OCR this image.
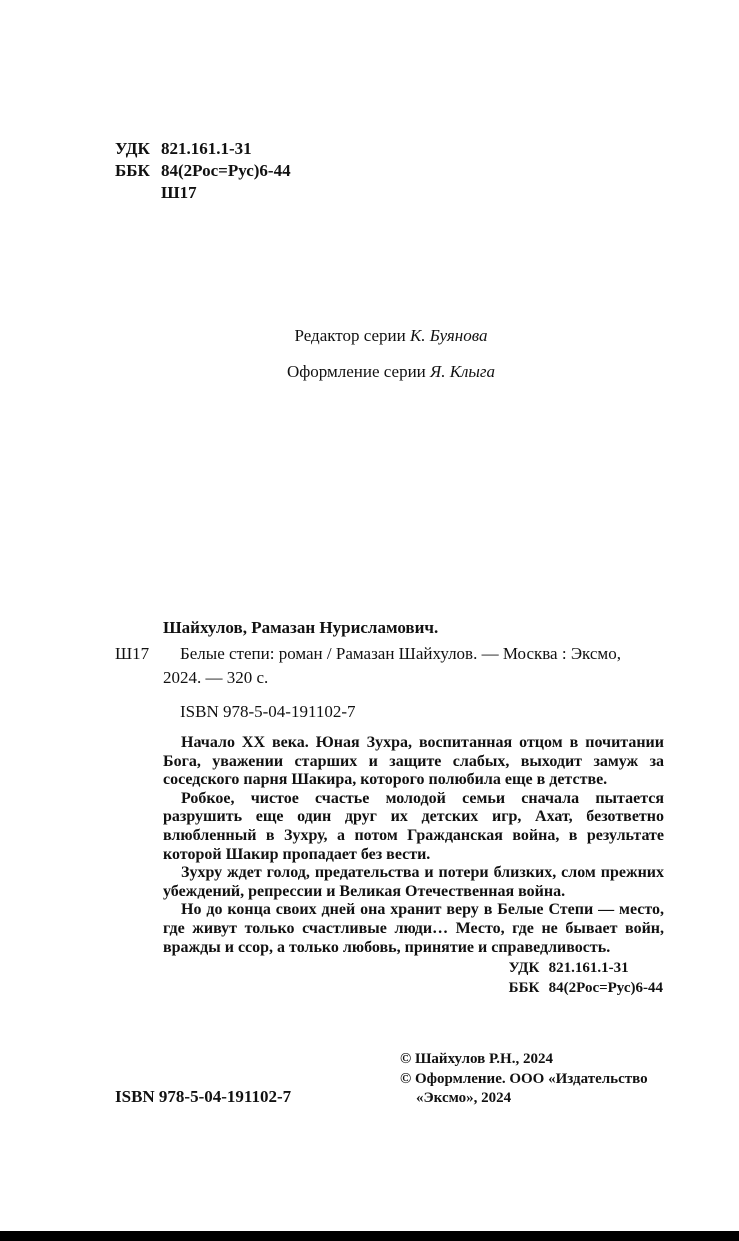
УДК 821.161.1-31
ББК 84(2Рос=Рус)6-44
Ш17
Редактор серии К. Буянова
Оформление серии Я. Клыга
Шайхулов, Рамазан Нурисламович.
Ш17	Белые степи: роман / Рамазан Шайхулов. — Москва : Эксмо, 2024. — 320 с.
ISBN 978-5-04-191102-7

Начало XX века. Юная Зухра, воспитанная отцом в почитании Бога, уважении старших и защите слабых, выходит замуж за соседского парня Шакира, которого полюбила еще в детстве.

Робкое, чистое счастье молодой семьи сначала пытается разрушить еще один друг их детских игр, Ахат, безответно влюбленный в Зухру, а потом Гражданская война, в результате которой Шакир пропадает без вести.

Зухру ждет голод, предательства и потери близких, слом прежних убеждений, репрессии и Великая Отечественная война.

Но до конца своих дней она хранит веру в Белые Степи — место, где живут только счастливые люди… Место, где не бывает войн, вражды и ссор, а только любовь, принятие и справедливость.

УДК 821.161.1-31
ББК 84(2Рос=Рус)6-44
© Шайхулов Р.Н., 2024
© Оформление. ООО «Издательство
«Эксмо», 2024
ISBN 978-5-04-191102-7
